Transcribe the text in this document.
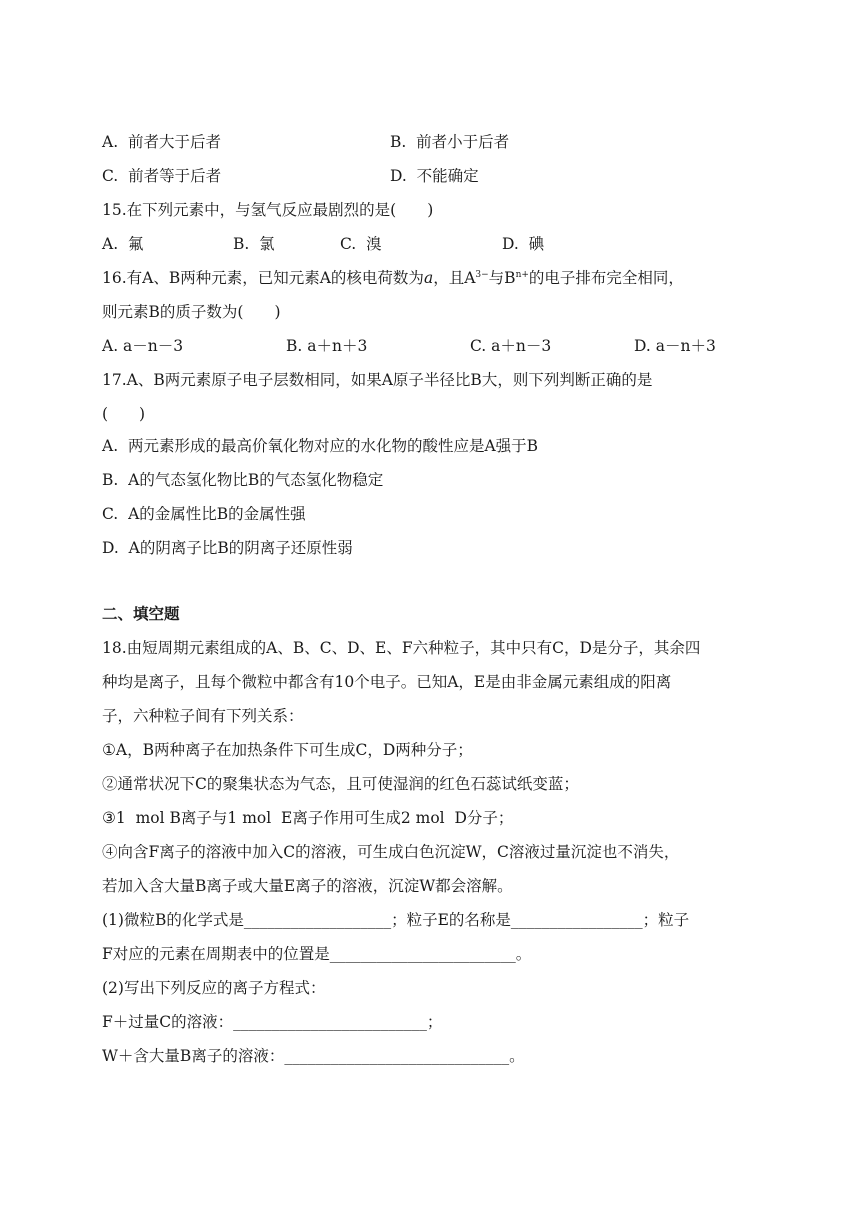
A.  前者大于后者	B.  前者小于后者
C.  前者等于后者	D.  不能确定
15.在下列元素中，与氢气反应最剧烈的是(　　)
A.  氟	B.  氯	C.  溴	D.  碘
16.有A、B两种元素，已知元素A的核电荷数为a，且$A^{3-}$与$B^{n+}$的电子排布完全相同，
则元素B的质子数为(　　)
A. a－n－3	B. a＋n＋3	C. a＋n－3	D. a－n＋3
17.A、B两元素原子电子层数相同，如果A原子半径比B大，则下列判断正确的是
(　　)
A.  两元素形成的最高价氧化物对应的水化物的酸性应是A强于B
B.  A的气态氢化物比B的气态氢化物稳定
C.  A的金属性比B的金属性强
D.  A的阴离子比B的阴离子还原性弱
二、填空题
18.由短周期元素组成的A、B、C、D、E、F六种粒子，其中只有C，D是分子，其余四
种均是离子，且每个微粒中都含有10个电子。已知A，E是由非金属元素组成的阳离
子，六种粒子间有下列关系：
①A，B两种离子在加热条件下可生成C，D两种分子；
②通常状况下C的聚集状态为气态，且可使湿润的红色石蕊试纸变蓝；
③1  mol B离子与1 mol  E离子作用可生成2 mol  D分子；
④向含F离子的溶液中加入C的溶液，可生成白色沉淀W，C溶液过量沉淀也不消失，
若加入含大量B离子或大量E离子的溶液，沉淀W都会溶解。
(1)微粒B的化学式是___________________；粒子E的名称是_________________；粒子
F对应的元素在周期表中的位置是________________________。
(2)写出下列反应的离子方程式：
F＋过量C的溶液：_________________________；
W＋含大量B离子的溶液：_____________________________。
